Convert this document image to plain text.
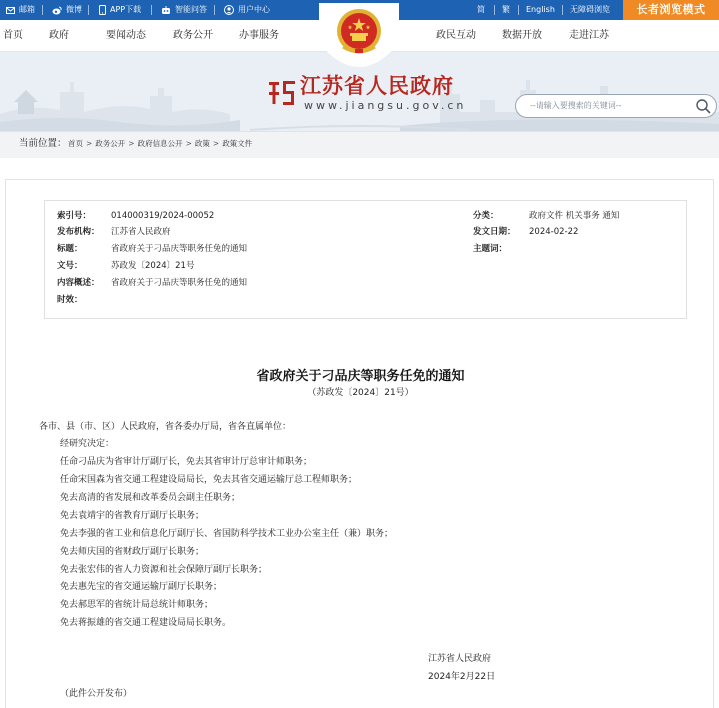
邮箱	微博	APP下载	智能问答	用户中心	简 繁 English 无障碍浏览	长者浏览模式
首页	政府	要闻动态	政务公开	办事服务	政民互动	数据开放	走进江苏
江苏省人民政府
www.jiangsu.gov.cn	--请输入要搜索的关键词--
当前位置： 首页 > 政务公开 > 政府信息公开 > 政策 > 政策文件
索引号：	014000319/2024-00052
发布机构：	江苏省人民政府
标题：	省政府关于刁品庆等职务任免的通知
文号：	苏政发〔2024〕21号
内容概述：	省政府关于刁品庆等职务任免的通知
时效：
分类：	政府文件 机关事务 通知
发文日期：	2024-02-22
主题词：
省政府关于刁品庆等职务任免的通知
（苏政发〔2024〕21号）
各市、县（市、区）人民政府，省各委办厅局，省各直属单位：
经研究决定：
任命刁品庆为省审计厅副厅长，免去其省审计厅总审计师职务；
任命宋国森为省交通工程建设局局长，免去其省交通运输厅总工程师职务；
免去高清的省发展和改革委员会副主任职务；
免去袁靖宇的省教育厅副厅长职务；
免去李强的省工业和信息化厅副厅长、省国防科学技术工业办公室主任（兼）职务；
免去师庆国的省财政厅副厅长职务；
免去张宏伟的省人力资源和社会保障厅副厅长职务；
免去惠先宝的省交通运输厅副厅长职务；
免去郝思军的省统计局总统计师职务；
免去蒋振雄的省交通工程建设局局长职务。
江苏省人民政府
2024年2月22日
（此件公开发布）
